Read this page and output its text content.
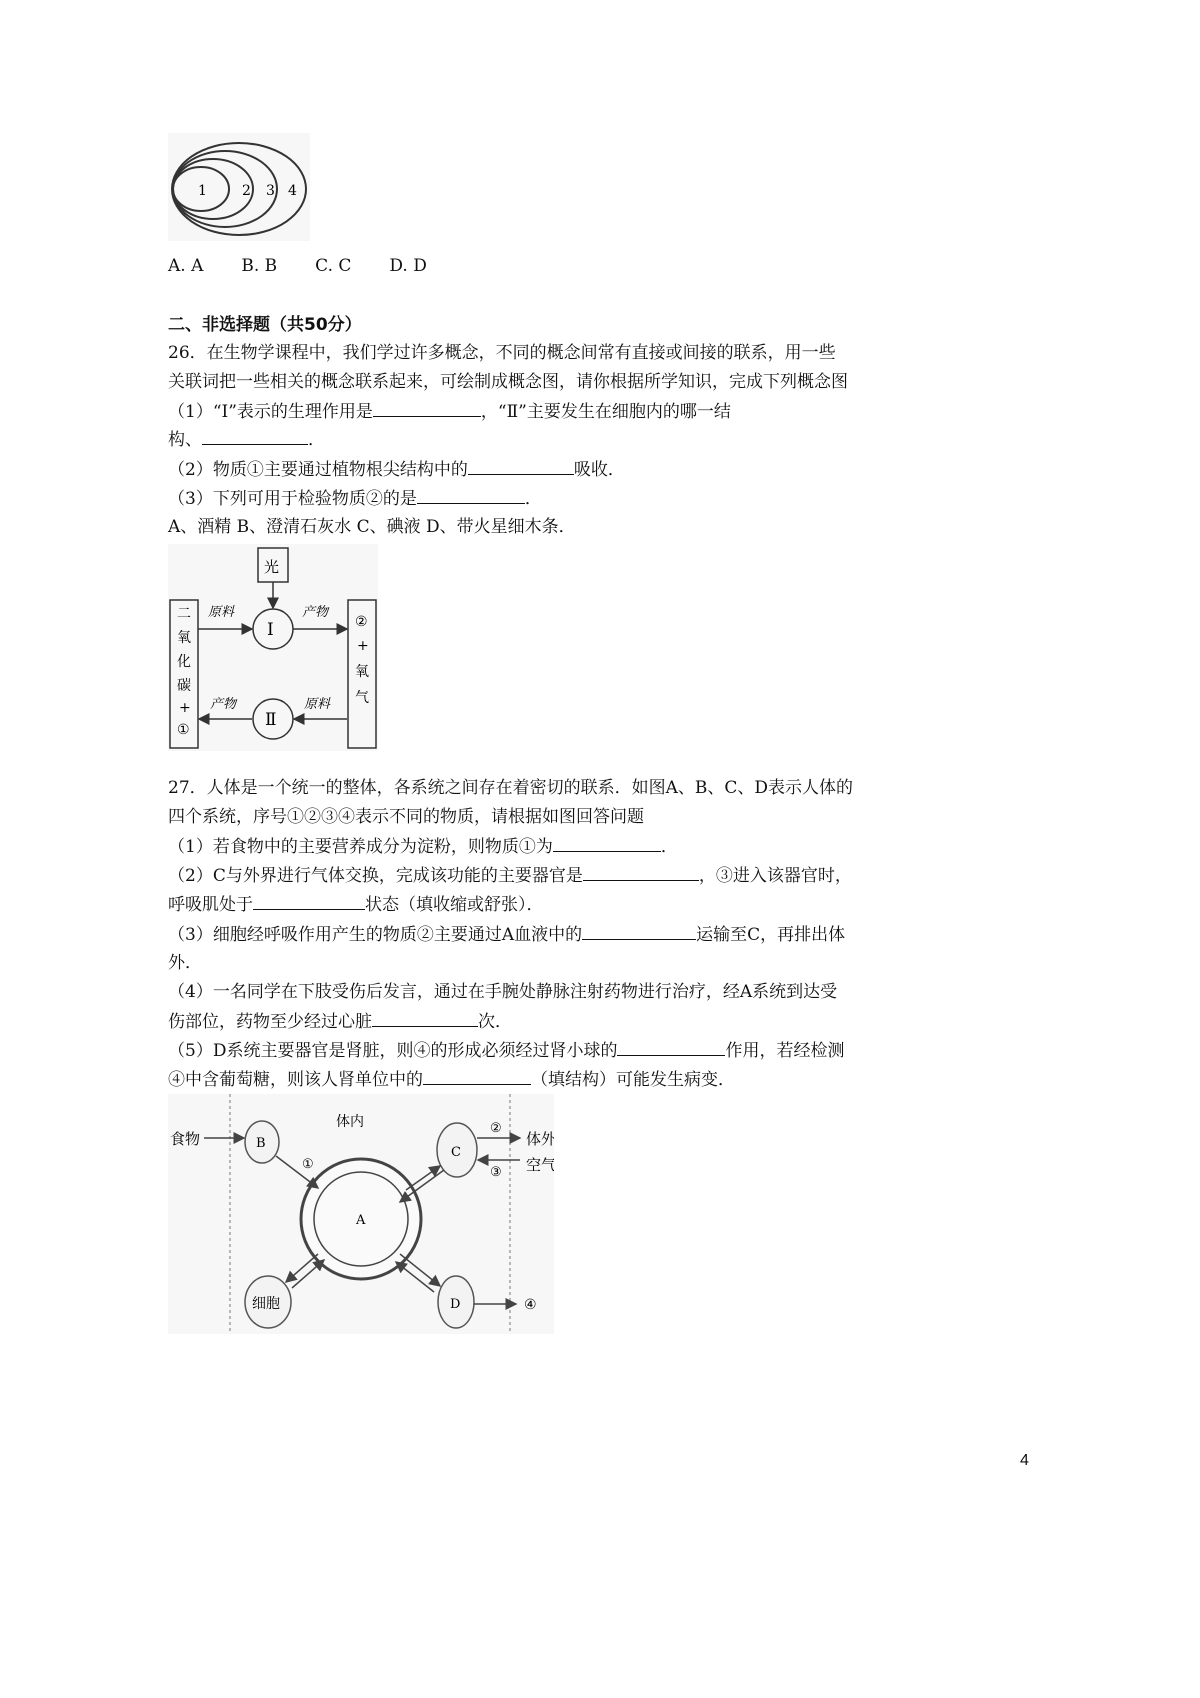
1	2 3 4
A. A B. B C. C D. D
二、非选择题（共50分）
26．在生物学课程中，我们学过许多概念，不同的概念间常有直接或间接的联系，用一些
关联词把一些相关的概念联系起来，可绘制成概念图，请你根据所学知识，完成下列概念图
（1）“Ⅰ”表示的生理作用是	，“Ⅱ”主要发生在细胞内的哪一结
构、	．
（2）物质①主要通过植物根尖结构中的	吸收．
（3）下列可用于检验物质②的是	．
A、酒精 B、澄清石灰水 C、碘液 D、带火星细木条．
光
二氧化碳+ ①
② +氧气
Ⅰ
Ⅱ
原料	产物
产物	原料
27．人体是一个统一的整体，各系统之间存在着密切的联系．如图A、B、C、D表示人体的
四个系统，序号①②③④表示不同的物质，请根据如图回答问题
（1）若食物中的主要营养成分为淀粉，则物质①为	．
（2）C与外界进行气体交换，完成该功能的主要器官是	，③进入该器官时，
呼吸肌处于	状态（填收缩或舒张）．
（3）细胞经呼吸作用产生的物质②主要通过A血液中的	运输至C，再排出体
外．
（4）一名同学在下肢受伤后发言，通过在手腕处静脉注射药物进行治疗，经A系统到达受
伤部位，药物至少经过心脏	次．
（5）D系统主要器官是肾脏，则④的形成必须经过肾小球的	作用，若经检测
④中含葡萄糖，则该人肾单位中的	（填结构）可能发生病变．
食物
体内
体外
空气
B
C
A
细胞	D
①
②
③
④
4
